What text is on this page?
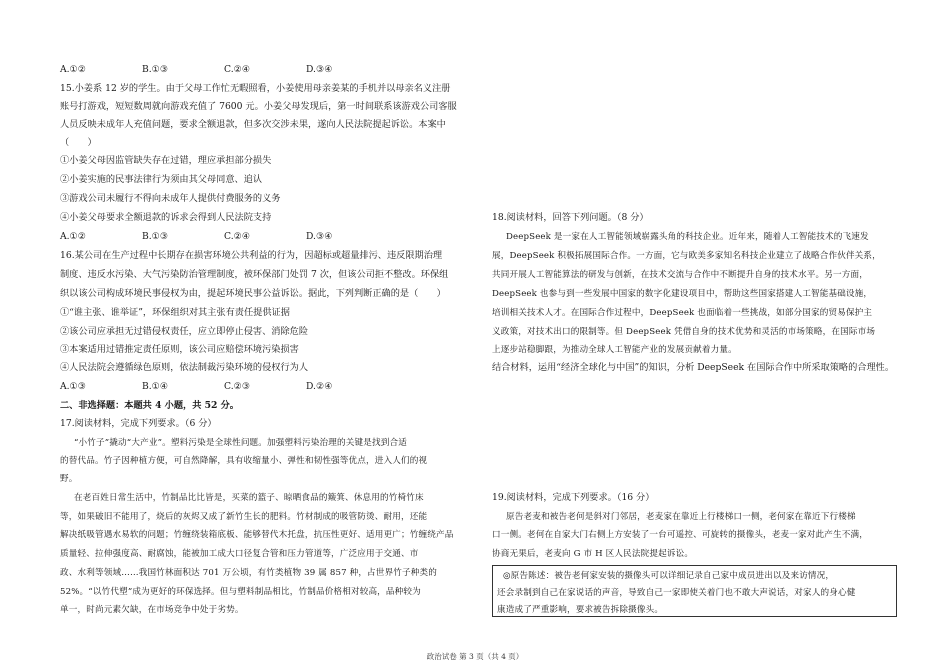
A.①②	B.①③	C.②④	D.③④
15.小姜系 12 岁的学生。由于父母工作忙无暇照看，小姜使用母亲姜某的手机并以母亲名义注册
账号打游戏，短短数周就向游戏充值了 7600 元。小姜父母发现后，第一时间联系该游戏公司客服
人员反映未成年人充值问题，要求全额退款，但多次交涉未果，遂向人民法院提起诉讼。本案中
（　　）
①小姜父母因监管缺失存在过错，理应承担部分损失
②小姜实施的民事法律行为须由其父母同意、追认
③游戏公司未履行不得向未成年人提供付费服务的义务
④小姜父母要求全额退款的诉求会得到人民法院支持
A.①②	B.①③	C.②④	D.③④
16.某公司在生产过程中长期存在损害环境公共利益的行为，因超标或超量排污、违反限期治理
制度、违反水污染、大气污染防治管理制度，被环保部门处罚 7 次，但该公司拒不整改。环保组
织以该公司构成环境民事侵权为由，提起环境民事公益诉讼。据此，下列判断正确的是（　　）
①“谁主张、谁举证”，环保组织对其主张有责任提供证据
②该公司应承担无过错侵权责任，应立即停止侵害、消除危险
③本案适用过错推定责任原则，该公司应赔偿环境污染损害
④人民法院会遵循绿色原则，依法制裁污染环境的侵权行为人
A.①③	B.①④	C.②③	D.②④
二、非选择题：本题共 4 小题，共 52 分。
17.阅读材料，完成下列要求。（6 分）
“小竹子”撬动“大产业”。塑料污染是全球性问题。加强塑料污染治理的关键是找到合适
的替代品。竹子因种植方便，可自然降解，具有收缩量小、弹性和韧性强等优点，进入人们的视
野。
在老百姓日常生活中，竹制品比比皆是，买菜的篮子、晾晒食品的簸箕、休息用的竹椅竹床
等，如果破旧不能用了，烧后的灰烬又成了新竹生长的肥料。竹材制成的吸管防烫、耐用，还能
解决纸吸管遇水易软的问题；竹缠绕装箱底板、能够替代木托盘，抗压性更好、适用更广；竹缠绕产品
质量轻、拉伸强度高、耐腐蚀，能被加工成大口径复合管和压力管道等，广泛应用于交通、市
政、水利等领域……我国竹林面积达 701 万公顷，有竹类植物 39 属 857 种，占世界竹子种类的
52%。“以竹代塑”成为更好的环保选择。但与塑料制品相比，竹制品价格相对较高，品种较为
单一，时尚元素欠缺，在市场竞争中处于劣势。
18.阅读材料，回答下列问题。（8 分）
DeepSeek 是一家在人工智能领域崭露头角的科技企业。近年来，随着人工智能技术的飞速发
展，DeepSeek 积极拓展国际合作。一方面，它与欧美多家知名科技企业建立了战略合作伙伴关系，
共同开展人工智能算法的研发与创新，在技术交流与合作中不断提升自身的技术水平。另一方面，
DeepSeek 也参与到一些发展中国家的数字化建设项目中，帮助这些国家搭建人工智能基础设施，
培训相关技术人才。在国际合作过程中，DeepSeek 也面临着一些挑战，如部分国家的贸易保护主
义政策，对技术出口的限制等。但 DeepSeek 凭借自身的技术优势和灵活的市场策略，在国际市场
上逐步站稳脚跟，为推动全球人工智能产业的发展贡献着力量。
结合材料，运用“经济全球化与中国”的知识，分析 DeepSeek 在国际合作中所采取策略的合理性。
19.阅读材料，完成下列要求。（16 分）
原告老麦和被告老何是斜对门邻居，老麦家在靠近上行楼梯口一侧，老何家在靠近下行楼梯
口一侧。老何在自家大门右侧上方安装了一台可遥控、可旋转的摄像头，老麦一家对此产生不满，
协商无果后，老麦向 G 市 H 区人民法院提起诉讼。
◎原告陈述：被告老何家安装的摄像头可以详细记录自己家中成员进出以及来访情况，
还会录制到自己在家说话的声音，导致自己一家即使关着门也不敢大声说话，对家人的身心健
康造成了严重影响，要求被告拆除摄像头。
政治试卷 第 3 页（共 4 页）
